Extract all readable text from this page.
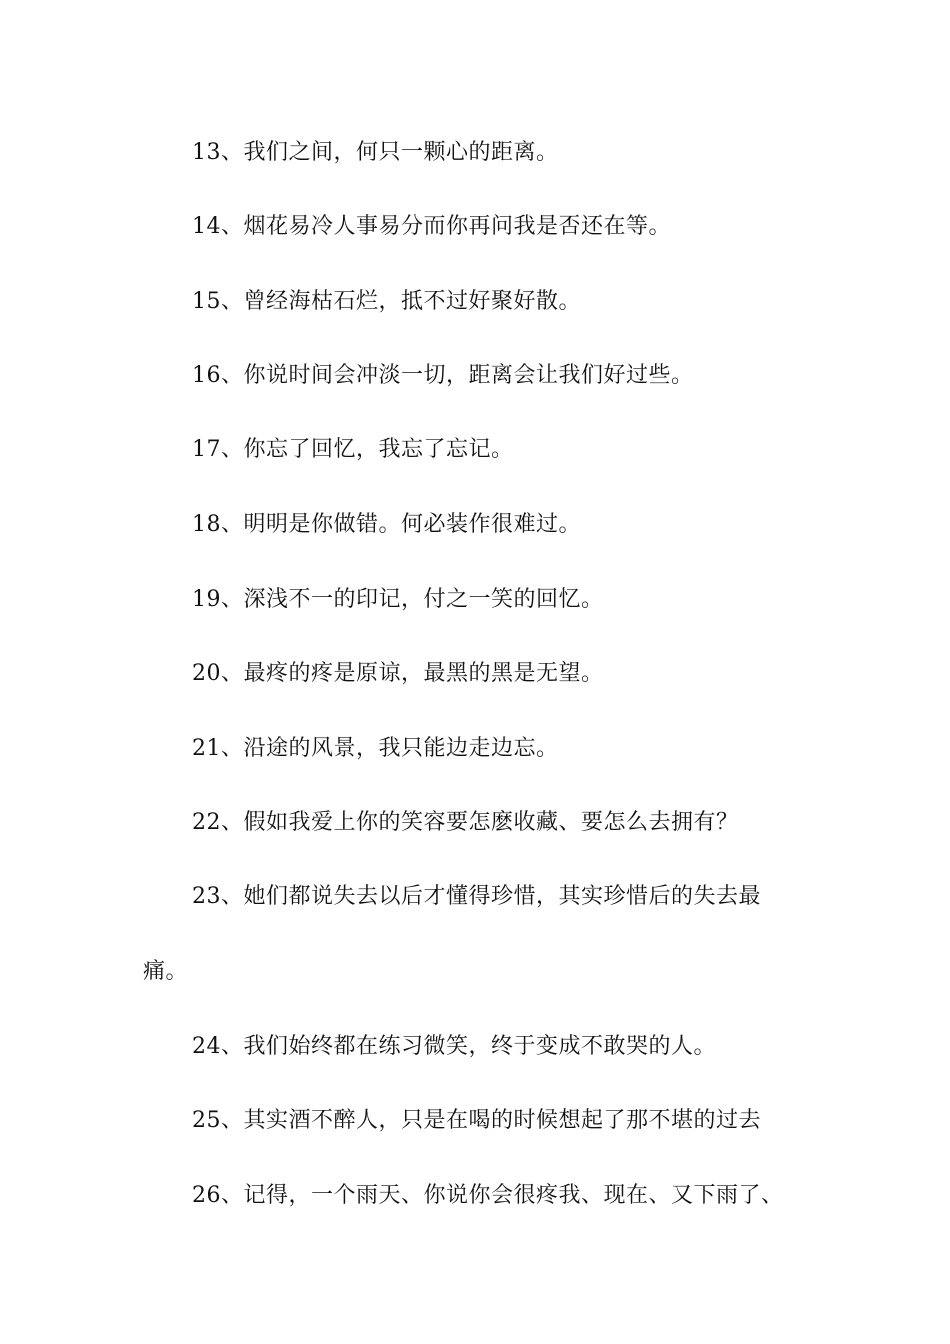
13、我们之间，何只一颗心的距离。
14、烟花易冷人事易分而你再问我是否还在等。
15、曾经海枯石烂，抵不过好聚好散。
16、你说时间会冲淡一切，距离会让我们好过些。
17、你忘了回忆，我忘了忘记。
18、明明是你做错。何必装作很难过。
19、深浅不一的印记，付之一笑的回忆。
20、最疼的疼是原谅，最黑的黑是无望。
21、沿途的风景，我只能边走边忘。
22、假如我爱上你的笑容要怎麽收藏、要怎么去拥有？
23、她们都说失去以后才懂得珍惜，其实珍惜后的失去最
痛。
24、我们始终都在练习微笑，终于变成不敢哭的人。
25、其实酒不醉人，只是在喝的时候想起了那不堪的过去
26、记得，一个雨天、你说你会很疼我、现在、又下雨了、
